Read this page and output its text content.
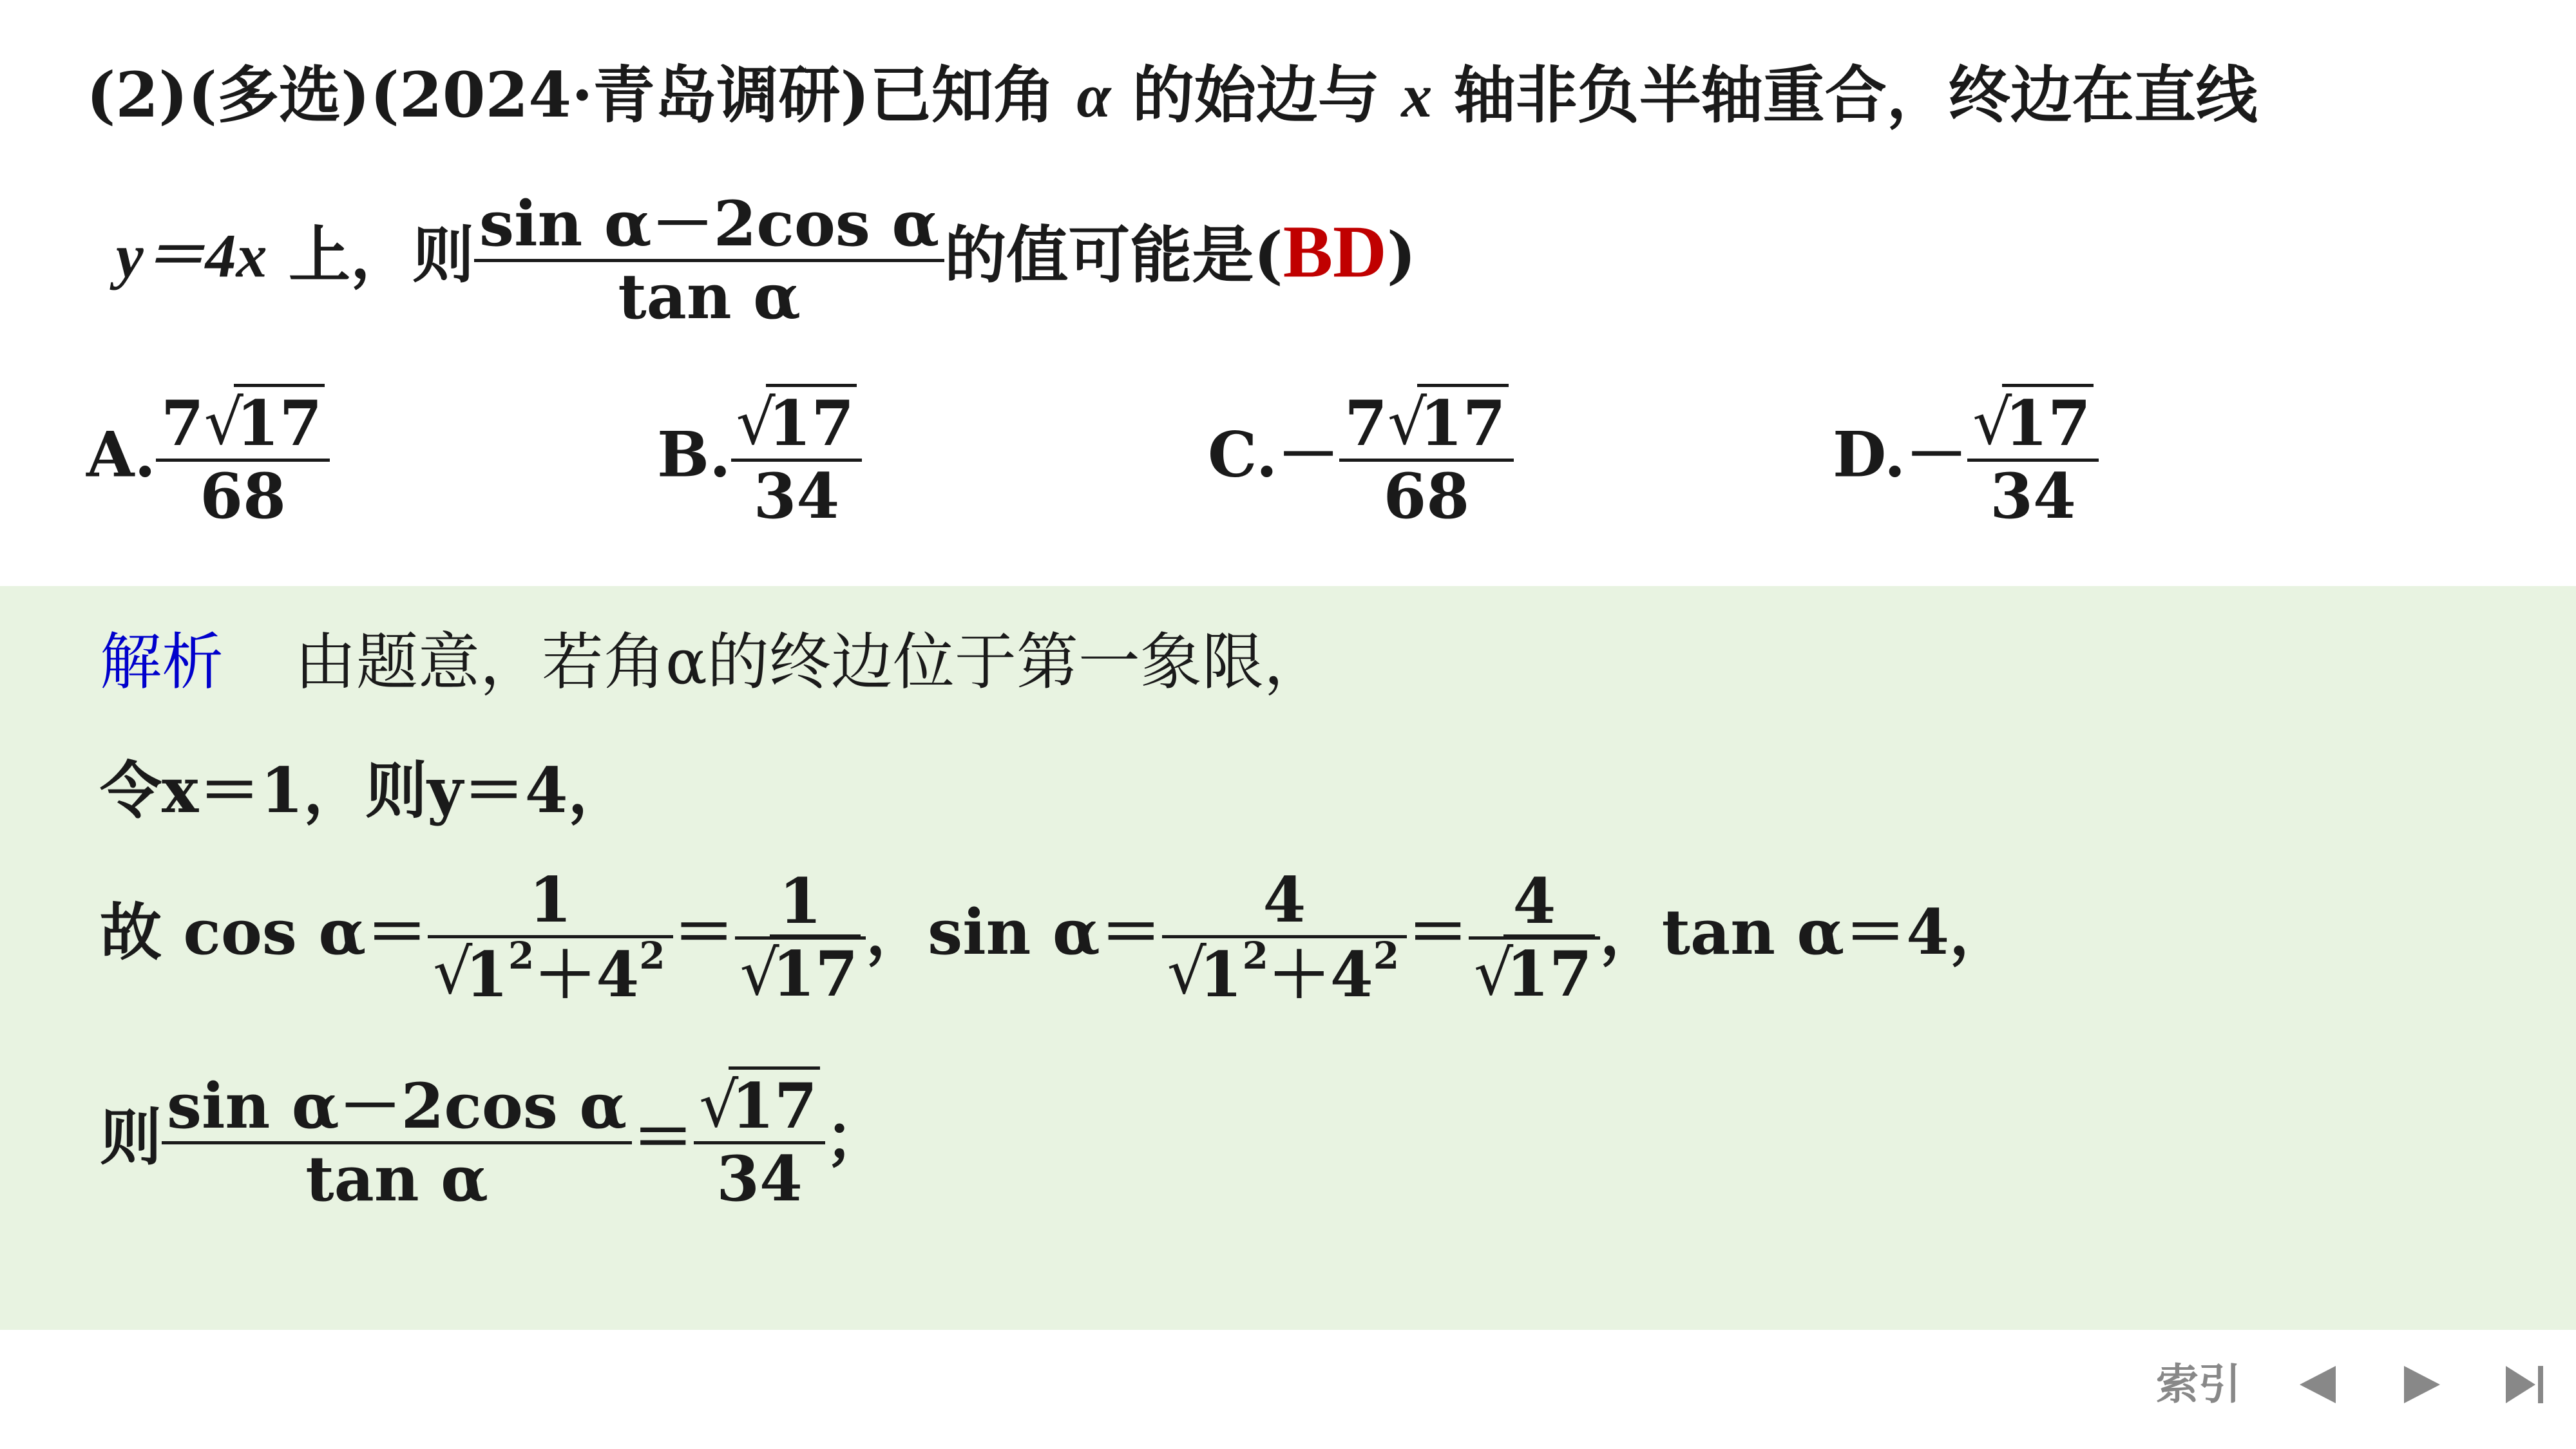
(2)(多选)(2024·青岛调研)已知角 α 的始边与 x 轴非负半轴重合，终边在直线
y＝4x 上，则 $\frac{\text{sin α－2cos α}}{\text{tan α}}$ 的值可能是(BD)
A. 7 √
17
68	B. √
17
34	C.－ 7 √
17
68	D.－ √
17
34
解析 由题意，若角α的终边位于第一象限，
令x＝1，则y＝4，
故 cos α＝ 1
√
$1^2+4^2 = 1$
√
17 ，sin α＝ 4
√
$1^2+4^2 = 4$
√
17 ，tan α＝4，
则 $\frac{\text{sin α－2cos α}}{\text{tan α}}$ ＝ √
17
34 ；
索引
